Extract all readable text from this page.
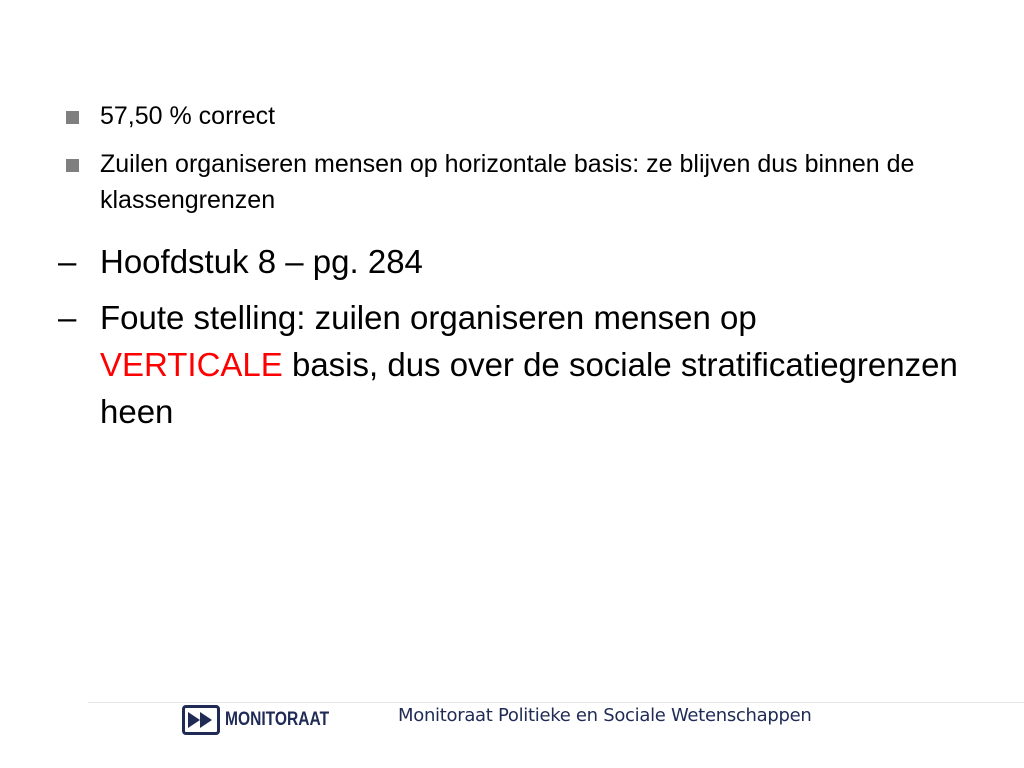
57,50 % correct
Zuilen organiseren mensen op horizontale basis: ze blijven dus binnen de klassengrenzen
– Hoofdstuk 8 – pg. 284
– Foute stelling: zuilen organiseren mensen op
VERTICALE basis, dus over de sociale stratificatiegrenzen heen
MONITORAAT	Monitoraat Politieke en Sociale Wetenschappen
